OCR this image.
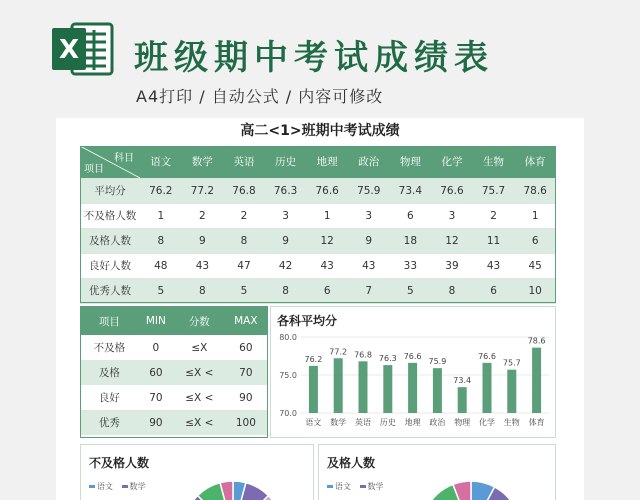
X 班级期中考试成绩表
A4打印 / 自动公式 / 内容可修改
高二<1>班期中考试成绩
科目
项目	语文	数学	英语	历史	地理	政治	物理	化学	生物	体育
平均分	76.2	77.2	76.8	76.3	76.6	75.9	73.4	76.6	75.7	78.6
不及格人数	1	2	2	3	1	3	6	3	2	1
及格人数	8	9	8	9	12	9	18	12	11	6
良好人数	48	43	47	42	43	43	33	39	43	45
优秀人数	5	8	5	8	6	7	5	8	6	10
项目	MIN	分数	MAX
不及格	0	≤X	60
及格	60	≤X <	70
良好	70	≤X <	90
优秀	90	≤X <	100
各科平均分
80.0
75.0
70.0
76.2
语文
77.2
数学
76.8
英语
76.3
历史
76.6
地理
75.9
政治
73.4
物理
76.6
化学
75.7
生物
78.6
体育
不及格人数
语文 数学
及格人数
语文 数学
